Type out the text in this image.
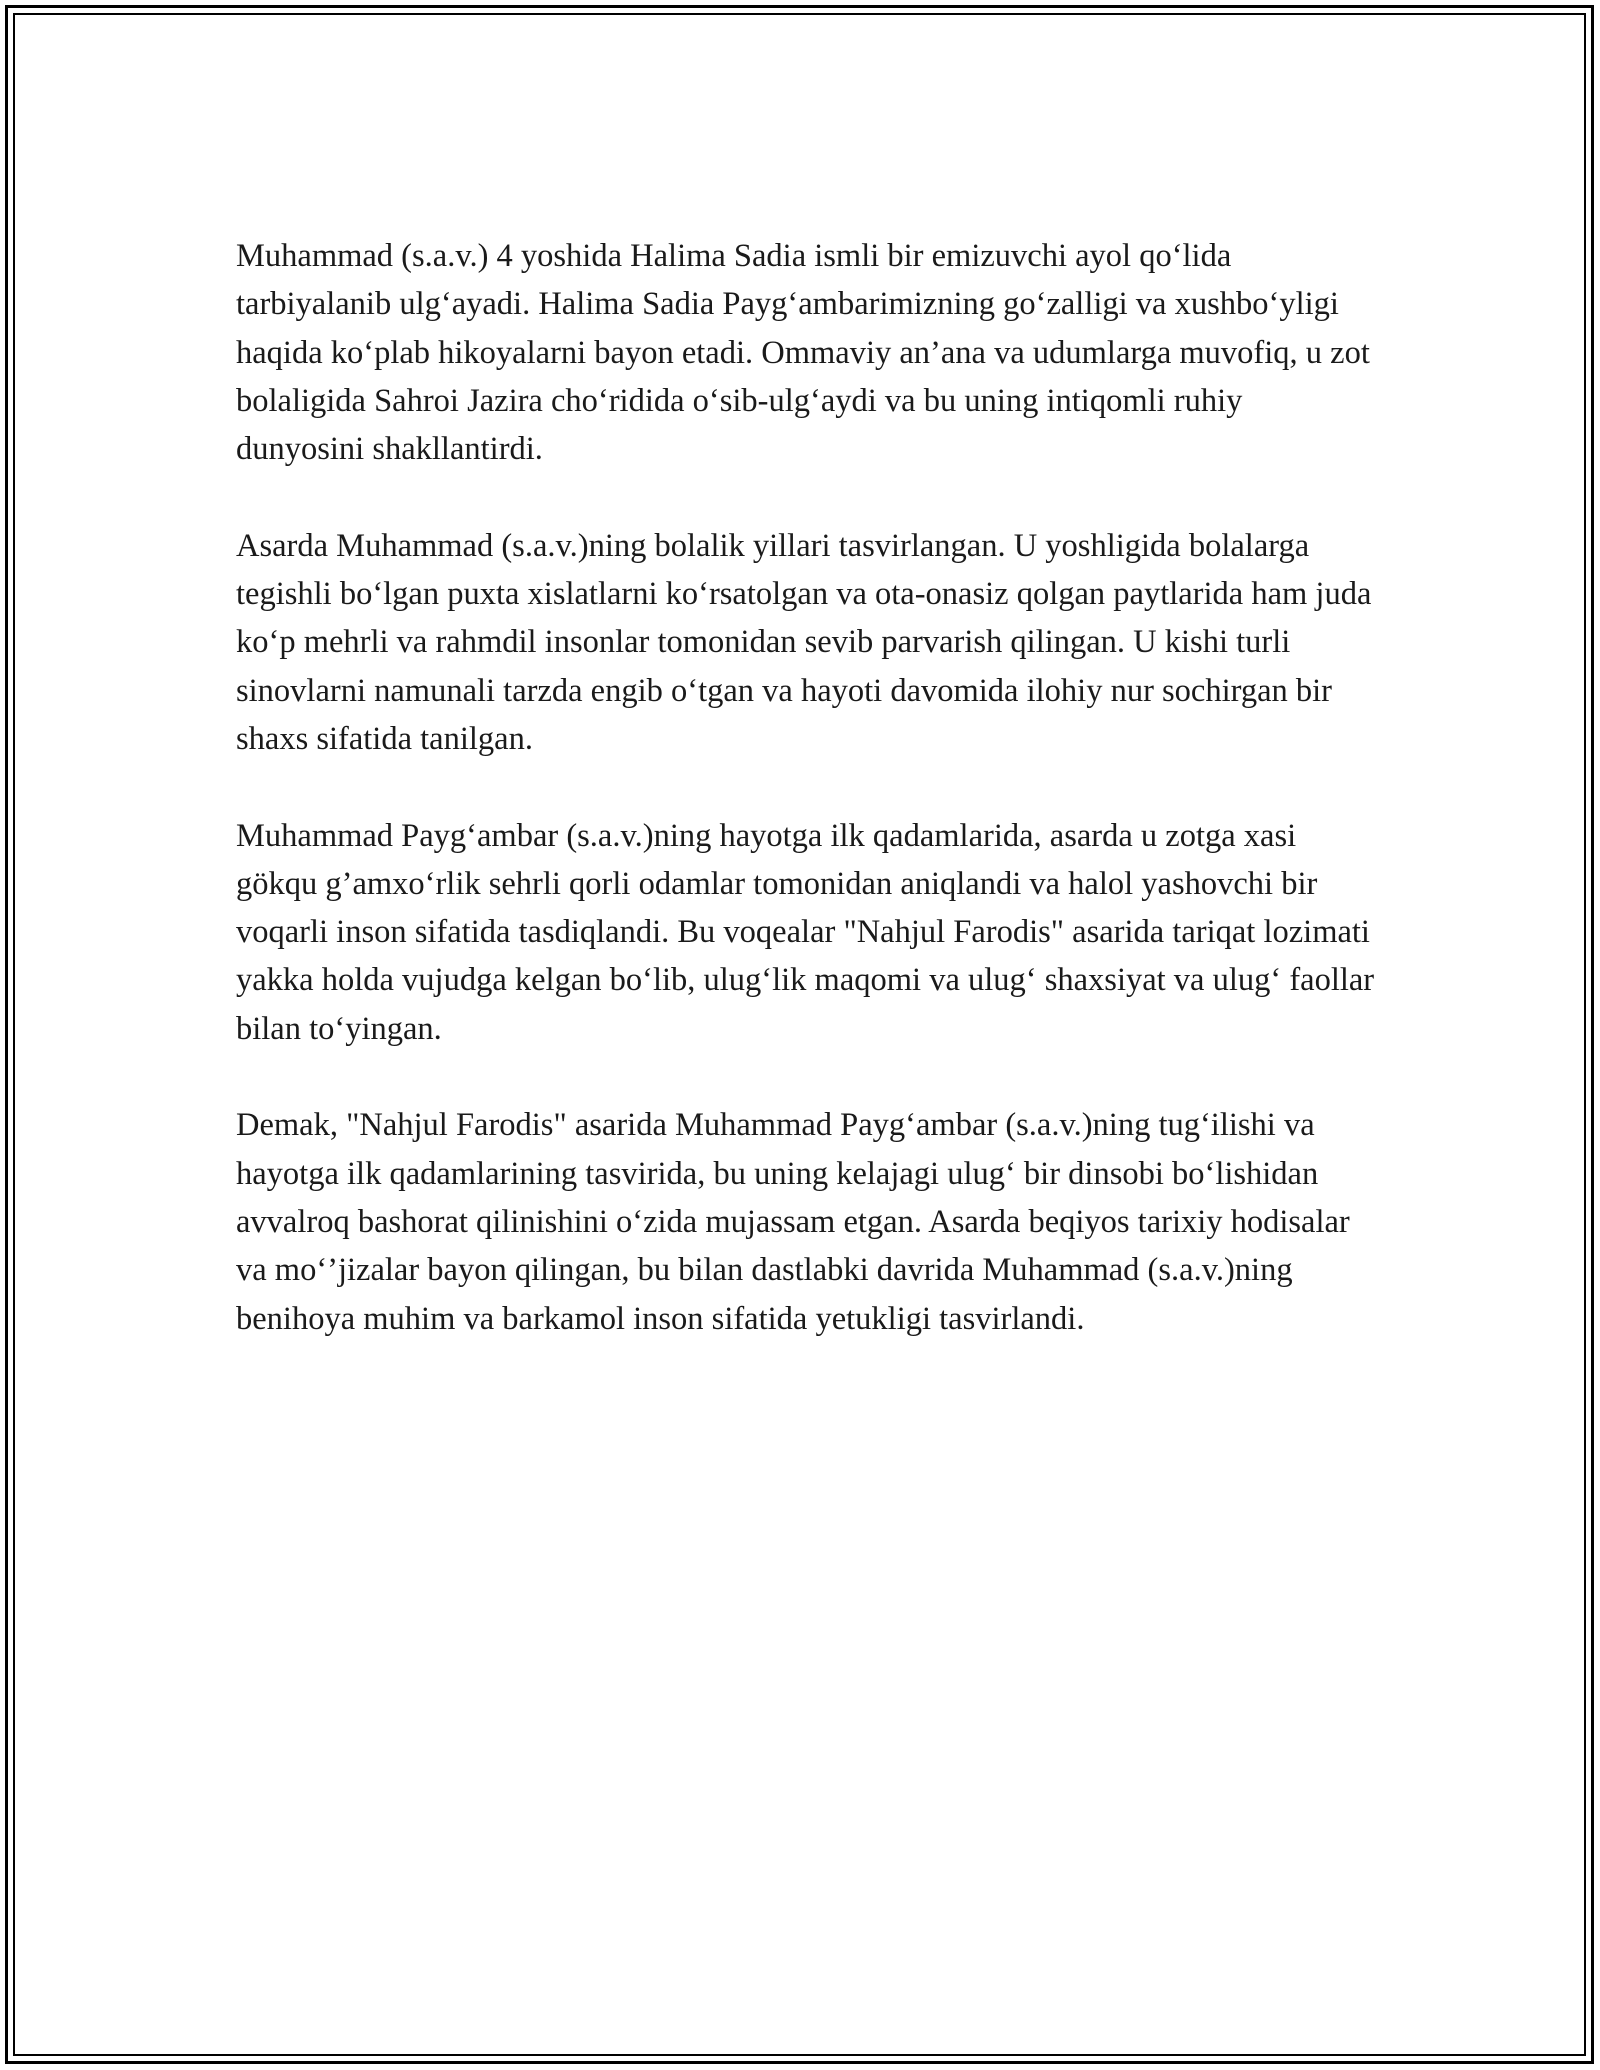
Muhammad (s.a.v.) 4 yoshida Halima Sadia ismli bir emizuvchi ayol qo‘lida tarbiyalanib ulg‘ayadi. Halima Sadia Payg‘ambarimizning go‘zalligi va xushbo‘yligi haqida ko‘plab hikoyalarni bayon etadi. Ommaviy an’ana va udumlarga muvofiq, u zot bolaligida Sahroi Jazira cho‘ridida o‘sib-ulg‘aydi va bu uning intiqomli ruhiy dunyosini shakllantirdi.

Asarda Muhammad (s.a.v.)ning bolalik yillari tasvirlangan. U yoshligida bolalarga tegishli bo‘lgan puxta xislatlarni ko‘rsatolgan va ota-onasiz qolgan paytlarida ham juda ko‘p mehrli va rahmdil insonlar tomonidan sevib parvarish qilingan. U kishi turli sinovlarni namunali tarzda engib o‘tgan va hayoti davomida ilohiy nur sochirgan bir shaxs sifatida tanilgan.

Muhammad Payg‘ambar (s.a.v.)ning hayotga ilk qadamlarida, asarda u zotga xasi gökqu g’amxo‘rlik sehrli qorli odamlar tomonidan aniqlandi va halol yashovchi bir voqarli inson sifatida tasdiqlandi. Bu voqealar "Nahjul Farodis" asarida tariqat lozimati yakka holda vujudga kelgan bo‘lib, ulug‘lik maqomi va ulug‘ shaxsiyat va ulug‘ faollar bilan to‘yingan.

Demak, "Nahjul Farodis" asarida Muhammad Payg‘ambar (s.a.v.)ning tug‘ilishi va hayotga ilk qadamlarining tasvirida, bu uning kelajagi ulug‘ bir dinsobi bo‘lishidan avvalroq bashorat qilinishini o‘zida mujassam etgan. Asarda beqiyos tarixiy hodisalar va mo‘’jizalar bayon qilingan, bu bilan dastlabki davrida Muhammad (s.a.v.)ning benihoya muhim va barkamol inson sifatida yetukligi tasvirlandi.
